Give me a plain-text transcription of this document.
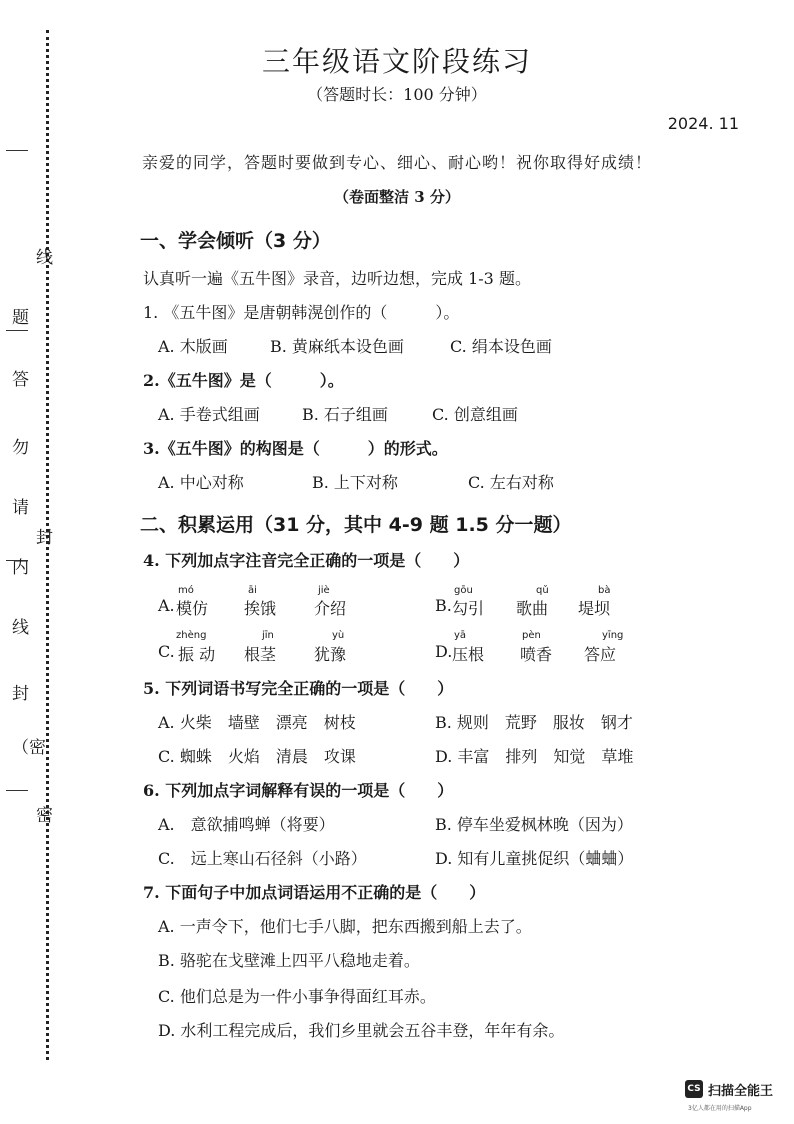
线
题
答
勿
请
封
内
线
封
（密
密
三年级语文阶段练习
（答题时长：100 分钟）
2024. 11
亲爱的同学，答题时要做到专心、细心、耐心哟！祝你取得好成绩！
（卷面整洁 3 分）
一、学会倾听（3 分）
认真听一遍《五牛图》录音，边听边想，完成 1-3 题。
1. 《五牛图》是唐朝韩滉创作的（　　　）。
A. 木版画	B. 黄麻纸本设色画	C. 绢本设色画
2.《五牛图》是（　　　）。
A. 手卷式组画	B. 石子组画	C. 创意组画
3.《五牛图》的构图是（　　　）的形式。
A. 中心对称	B. 上下对称	C. 左右对称
二、积累运用（31 分，其中 4-9 题 1.5 分一题）
4. 下列加点字注音完全正确的一项是（　　）
mó	āi	jiè
A. 模仿 挨饿 介绍
gōu	qǔ	bà
B. 勾引 歌曲 堤坝
zhèng	jīn	yù
C. 振 动 根茎 犹豫
yā	pèn	yīng
D. 压根 喷香 答应
5. 下列词语书写完全正确的一项是（　　）
A. 火柴　墙壁　漂亮　树枝	B. 规则　荒野　服妆　钢才
C. 蜘蛛　火焰　清晨　攻课	D. 丰富　排列　知觉　草堆
6. 下列加点字词解释有误的一项是（　　）
A.　意欲捕鸣蝉（将要）	B. 停车坐爱枫林晚（因为）
C.　远上寒山石径斜（小路）	D. 知有儿童挑促织（蛐蛐）
7. 下面句子中加点词语运用不正确的是（　　）
A. 一声令下，他们七手八脚，把东西搬到船上去了。
B. 骆驼在戈壁滩上四平八稳地走着。
C. 他们总是为一件小事争得面红耳赤。
D. 水利工程完成后，我们乡里就会五谷丰登，年年有余。
CS 扫描全能王
3亿人都在用的扫描App
